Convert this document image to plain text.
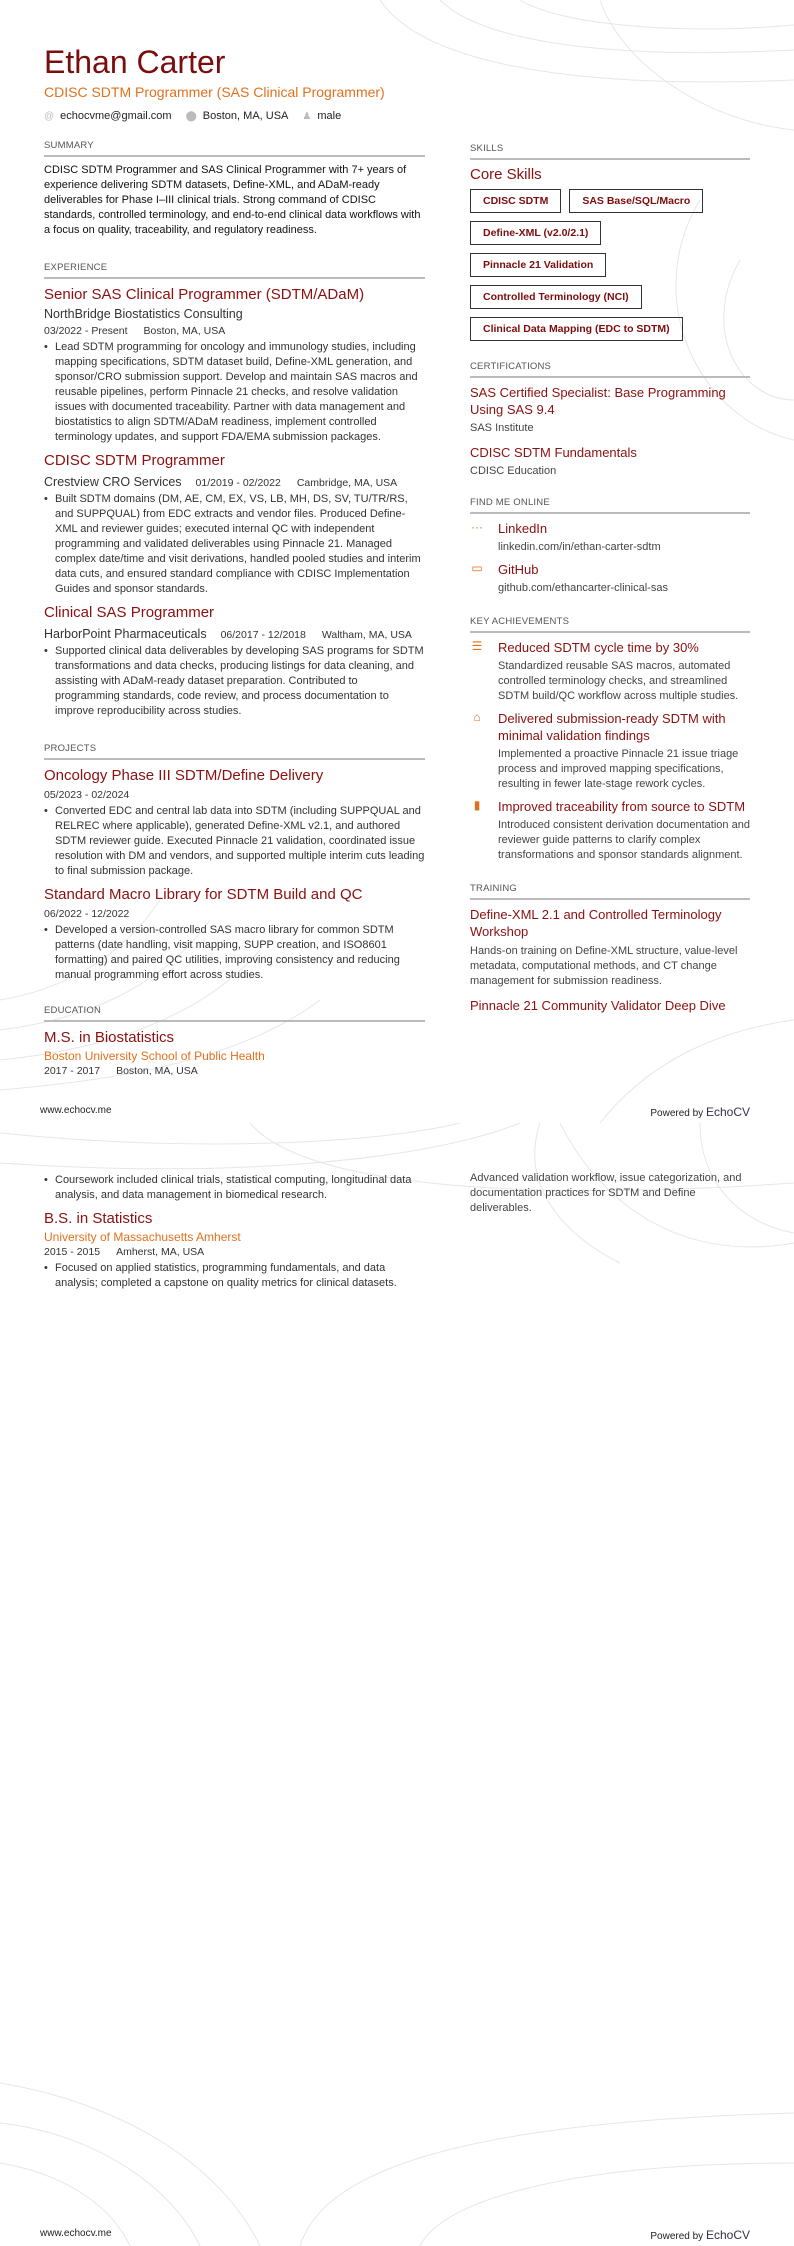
Ethan Carter
CDISC SDTM Programmer (SAS Clinical Programmer)
@ echocvme@gmail.com ⬤ Boston, MA, USA ♟ male
SUMMARY
CDISC SDTM Programmer and SAS Clinical Programmer with 7+ years of experience delivering SDTM datasets, Define-XML, and ADaM-ready deliverables for Phase I–III clinical trials. Strong command of CDISC standards, controlled terminology, and end-to-end clinical data workflows with a focus on quality, traceability, and regulatory readiness.
EXPERIENCE
Senior SAS Clinical Programmer (SDTM/ADaM)
NorthBridge Biostatistics Consulting
03/2022 - Present Boston, MA, USA
• Lead SDTM programming for oncology and immunology studies, including mapping specifications, SDTM dataset build, Define-XML generation, and sponsor/CRO submission support. Develop and maintain SAS macros and reusable pipelines, perform Pinnacle 21 checks, and resolve validation issues with documented traceability. Partner with data management and biostatistics to align SDTM/ADaM readiness, implement controlled terminology updates, and support FDA/EMA submission packages.
CDISC SDTM Programmer
Crestview CRO Services 01/2019 - 02/2022 Cambridge, MA, USA
• Built SDTM domains (DM, AE, CM, EX, VS, LB, MH, DS, SV, TU/TR/RS, and SUPPQUAL) from EDC extracts and vendor files. Produced Define-XML and reviewer guides; executed internal QC with independent programming and validated deliverables using Pinnacle 21. Managed complex date/time and visit derivations, handled pooled studies and interim data cuts, and ensured standard compliance with CDISC Implementation Guides and sponsor standards.
Clinical SAS Programmer
HarborPoint Pharmaceuticals 06/2017 - 12/2018 Waltham, MA, USA
• Supported clinical data deliverables by developing SAS programs for SDTM transformations and data checks, producing listings for data cleaning, and assisting with ADaM-ready dataset preparation. Contributed to programming standards, code review, and process documentation to improve reproducibility across studies.
PROJECTS
Oncology Phase III SDTM/Define Delivery
05/2023 - 02/2024
• Converted EDC and central lab data into SDTM (including SUPPQUAL and RELREC where applicable), generated Define-XML v2.1, and authored SDTM reviewer guide. Executed Pinnacle 21 validation, coordinated issue resolution with DM and vendors, and supported multiple interim cuts leading to final submission package.
Standard Macro Library for SDTM Build and QC
06/2022 - 12/2022
• Developed a version-controlled SAS macro library for common SDTM patterns (date handling, visit mapping, SUPP creation, and ISO8601 formatting) and paired QC utilities, improving consistency and reducing manual programming effort across studies.
EDUCATION
M.S. in Biostatistics
Boston University School of Public Health
2017 - 2017 Boston, MA, USA
SKILLS
Core Skills
CDISC SDTM	SAS Base/SQL/Macro
Define-XML (v2.0/2.1)
Pinnacle 21 Validation
Controlled Terminology (NCI)
Clinical Data Mapping (EDC to SDTM)
CERTIFICATIONS
SAS Certified Specialist: Base Programming Using SAS 9.4
SAS Institute
CDISC SDTM Fundamentals
CDISC Education
FIND ME ONLINE
··· LinkedIn
linkedin.com/in/ethan-carter-sdtm
▭ GitHub
github.com/ethancarter-clinical-sas
KEY ACHIEVEMENTS
☰ Reduced SDTM cycle time by 30%
Standardized reusable SAS macros, automated controlled terminology checks, and streamlined SDTM build/QC workflow across multiple studies.
⌂ Delivered submission-ready SDTM with minimal validation findings
Implemented a proactive Pinnacle 21 issue triage process and improved mapping specifications, resulting in fewer late-stage rework cycles.
▮ Improved traceability from source to SDTM
Introduced consistent derivation documentation and reviewer guide patterns to clarify complex transformations and sponsor standards alignment.
TRAINING
Define-XML 2.1 and Controlled Terminology Workshop
Hands-on training on Define-XML structure, value-level metadata, computational methods, and CT change management for submission readiness.
Pinnacle 21 Community Validator Deep Dive
www.echocv.me	Powered by EchoCV
• Coursework included clinical trials, statistical computing, longitudinal data analysis, and data management in biomedical research.
B.S. in Statistics
University of Massachusetts Amherst
2015 - 2015 Amherst, MA, USA
• Focused on applied statistics, programming fundamentals, and data analysis; completed a capstone on quality metrics for clinical datasets.
Advanced validation workflow, issue categorization, and documentation practices for SDTM and Define deliverables.
www.echocv.me	Powered by EchoCV
